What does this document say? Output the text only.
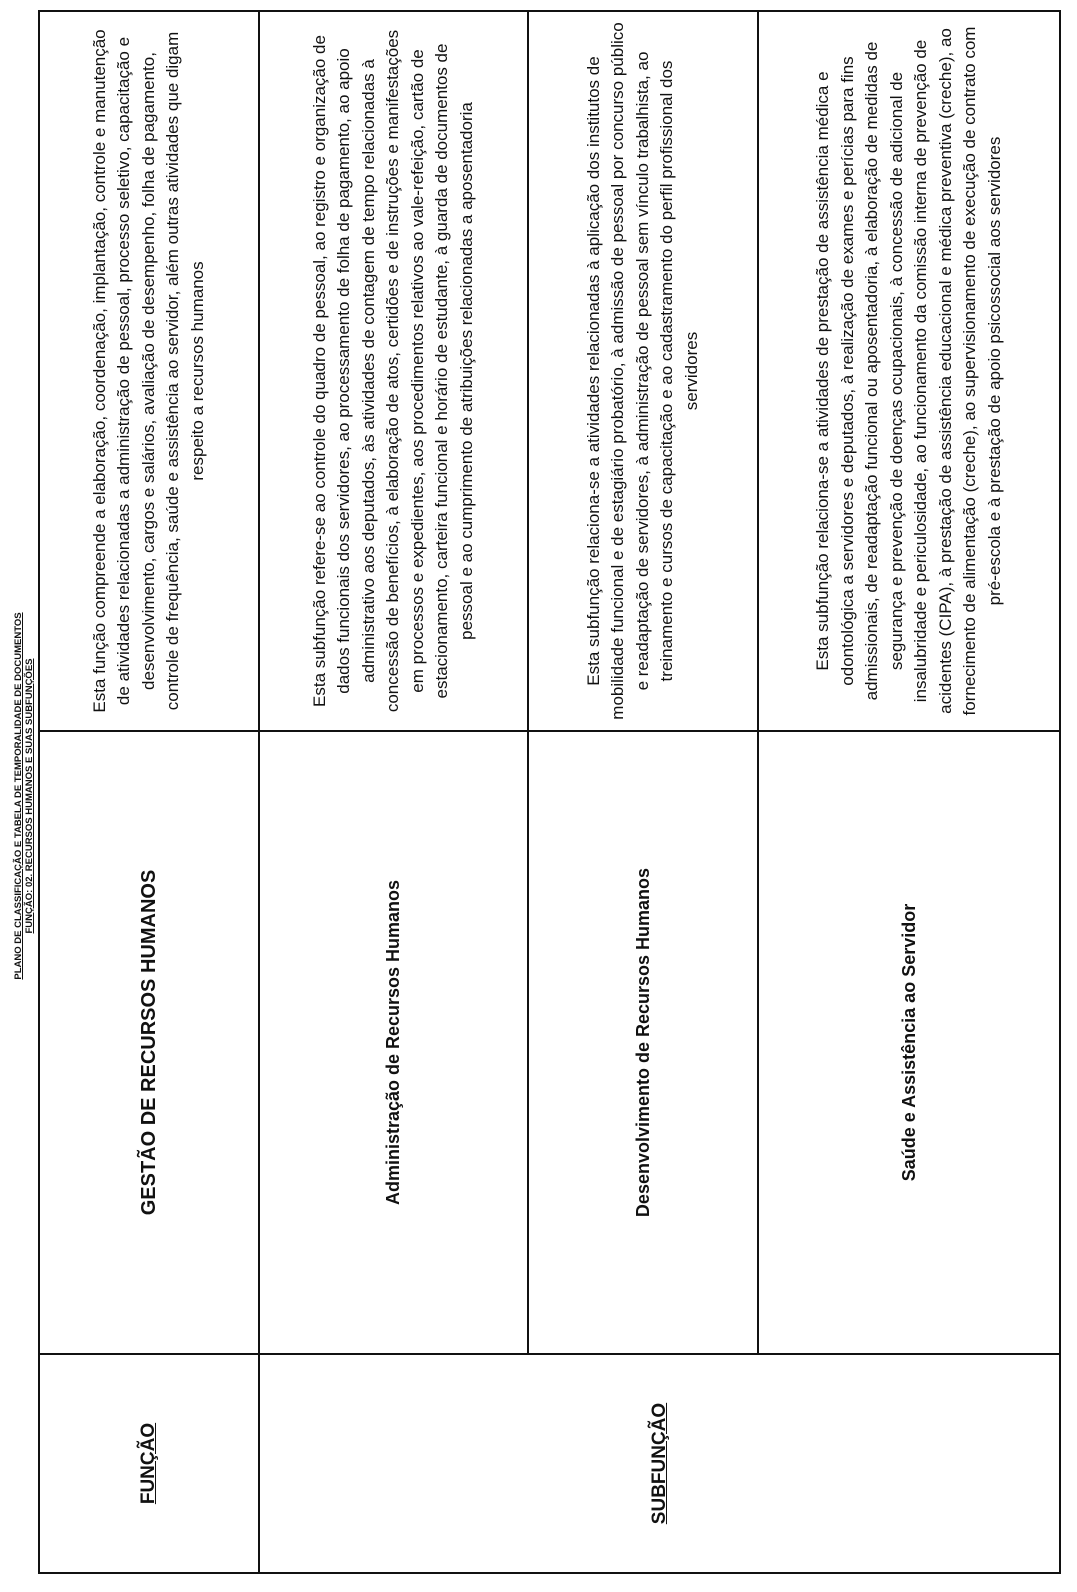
PLANO DE CLASSIFICAÇÃO E TABELA DE TEMPORALIDADE DE DOCUMENTOS FUNÇÃO: 02. RECURSOS HUMANOS E SUAS SUBFUNÇÕES
FUNÇÃO
GESTÃO DE RECURSOS HUMANOS
Esta função compreende a elaboração, coordenação, implantação, controle e manutenção de atividades relacionadas a administração de pessoal, processo seletivo, capacitação e desenvolvimento, cargos e salários, avaliação de desempenho, folha de pagamento, controle de frequência, saúde e assistência ao servidor, além outras atividades que digam respeito a recursos humanos
SUBFUNÇÃO
Administração de Recursos Humanos
Esta subfunção refere-se ao controle do quadro de pessoal, ao registro e organização de dados funcionais dos servidores, ao processamento de folha de pagamento, ao apoio administrativo aos deputados, às atividades de contagem de tempo relacionadas à concessão de benefícios, à elaboração de atos, certidões e de instruções e manifestações em processos e expedientes, aos procedimentos relativos ao vale-refeição, cartão de estacionamento, carteira funcional e horário de estudante, à guarda de documentos de pessoal e ao cumprimento de atribuições relacionadas a aposentadoria
Desenvolvimento de Recursos Humanos
Esta subfunção relaciona-se a atividades relacionadas à aplicação dos institutos de mobilidade funcional e de estagiário probatório, à admissão de pessoal por concurso público e readaptação de servidores, à administração de pessoal sem vínculo trabalhista, ao treinamento e cursos de capacitação e ao cadastramento do perfil profissional dos servidores
Saúde e Assistência ao Servidor
Esta subfunção relaciona-se a atividades de prestação de assistência médica e odontológica a servidores e deputados, à realização de exames e perícias para fins admissionais, de readaptação funcional ou aposentadoria, à elaboração de medidas de segurança e prevenção de doenças ocupacionais, à concessão de adicional de insalubridade e periculosidade, ao funcionamento da comissão interna de prevenção de acidentes (CIPA), à prestação de assistência educacional e médica preventiva (creche), ao fornecimento de alimentação (creche), ao supervisionamento de execução de contrato com pré-escola e à prestação de apoio psicossocial aos servidores
